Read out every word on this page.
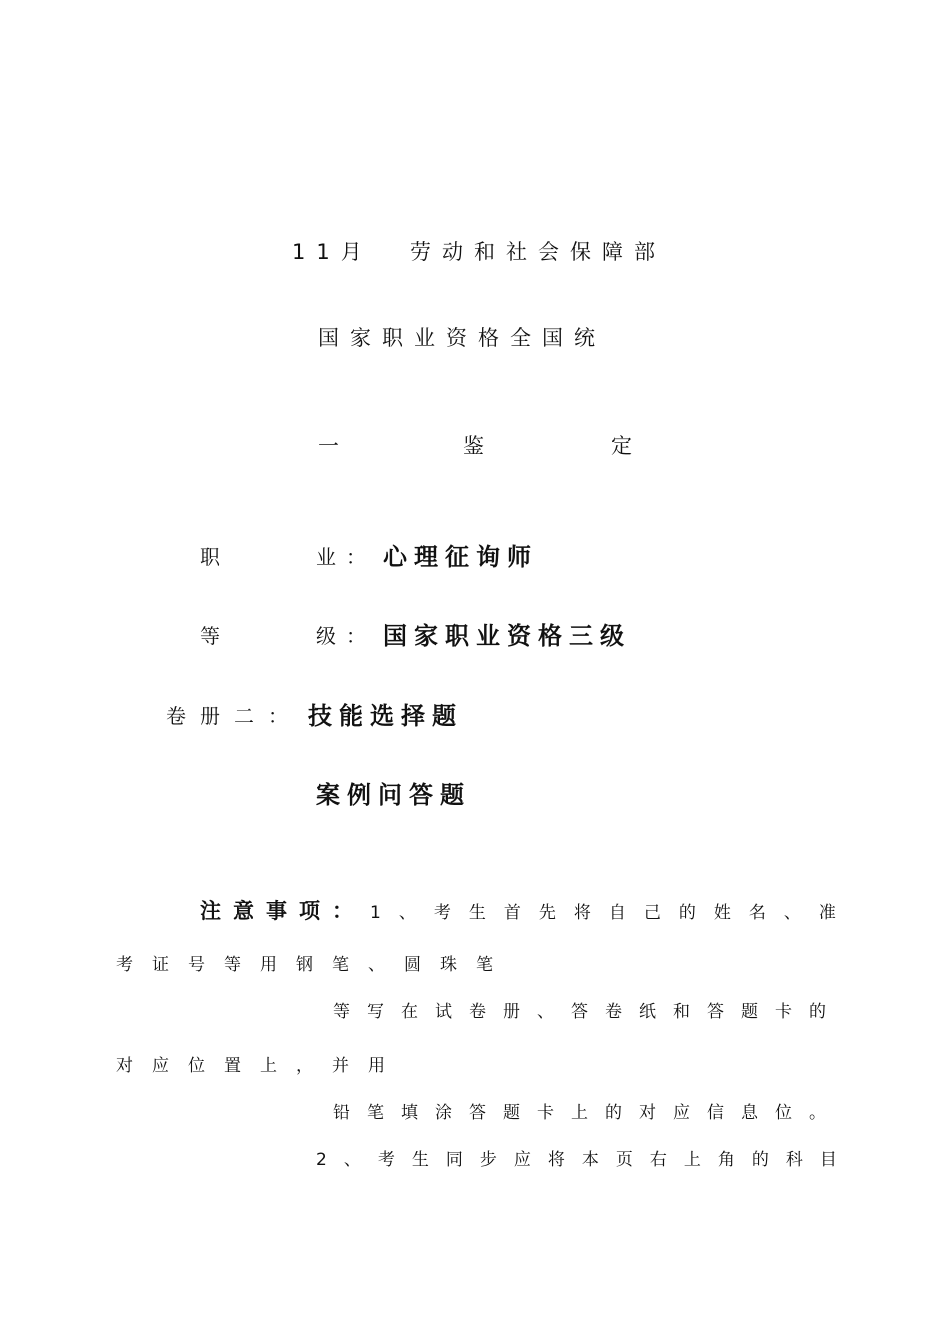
11月 劳动和社会保障部
国家职业资格全国统
一	鉴	定
职	业： 心理征询师
等	级： 国家职业资格三级
卷册二： 技能选择题
案例问答题
注意事项： 1、考生首先将自己的姓名、准
考证号等用钢笔、圆珠笔
等写在试卷册、答卷纸和答题卡的
对应位置上，并用
铅笔填涂答题卡上的对应信息位。
2、考生同步应将本页右上角的科目
